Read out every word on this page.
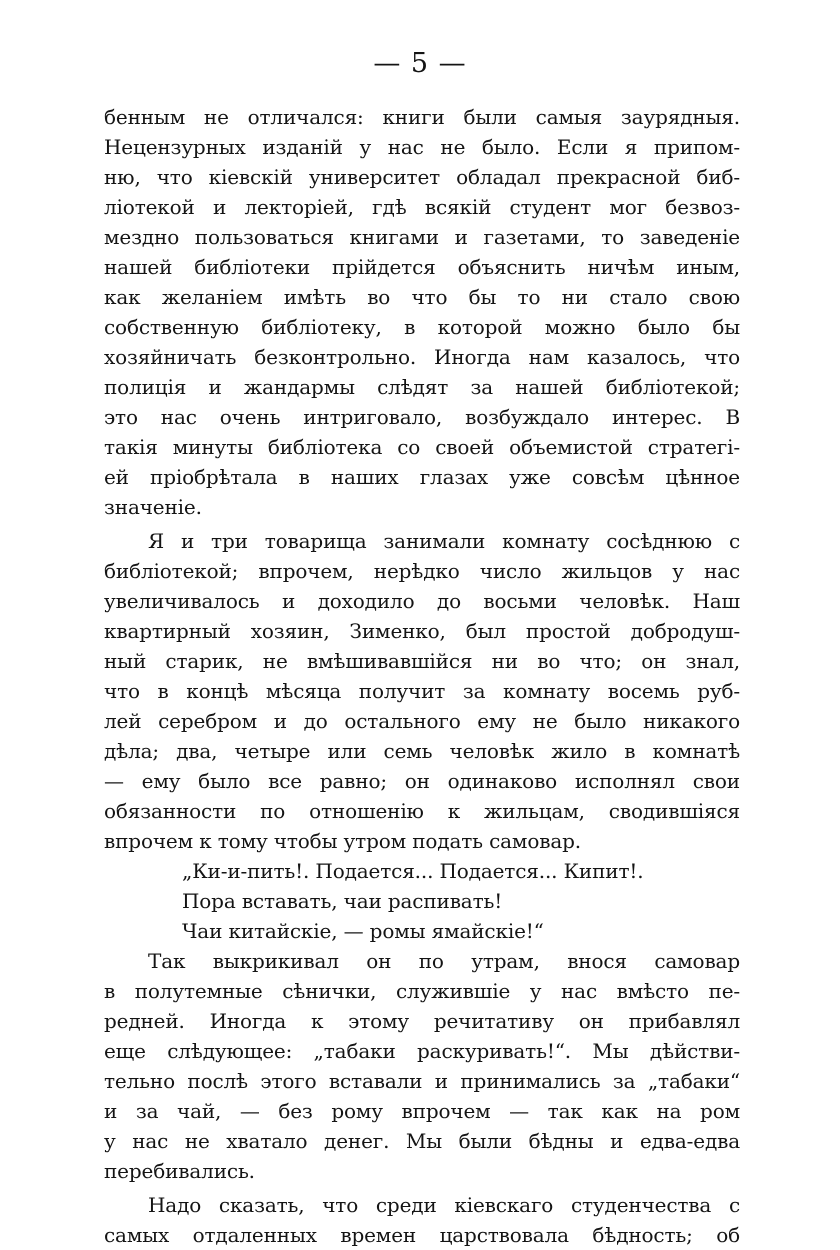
— 5 —
бенным не отличался: книги были самыя заурядныя.
Нецензурных изданій у нас не было. Если я припом-
ню, что кіевскій университет обладал прекрасной биб-
ліотекой и лекторіей, гдѣ всякій студент мог безвоз-
мездно пользоваться книгами и газетами, то заведеніе
нашей библіотеки прійдется объяснить ничѣм иным,
как желаніем имѣть во что бы то ни стало свою
собственную библіотеку, в которой можно было бы
хозяйничать безконтрольно. Иногда нам казалось, что
полиція и жандармы слѣдят за нашей библіотекой;
это нас очень интриговало, возбуждало интерес. В
такія минуты библіотека со своей объемистой стратегі-
ей пріобрѣтала в наших глазах уже совсѣм цѣнное
значеніе.
Я и три товарища занимали комнату сосѣднюю с
библіотекой; впрочем, нерѣдко число жильцов у нас
увеличивалось и доходило до восьми человѣк. Наш
квартирный хозяин, Зименко, был простой добродуш-
ный старик, не вмѣшивавшійся ни во что; он знал,
что в концѣ мѣсяца получит за комнату восемь руб-
лей серебром и до остального ему не было никакого
дѣла; два, четыре или семь человѣк жило в комнатѣ
— ему было все равно; он одинаково исполнял свои
обязанности по отношенію к жильцам, сводившіяся
впрочем к тому чтобы утром подать самовар.
„Ки-и-пить!. Подается... Подается... Кипит!.
Пора вставать, чаи распивать!
Чаи китайскіе, — ромы ямайскіе!“
Так выкрикивал он по утрам, внося самовар
в полутемные сѣнички, служившіе у нас вмѣсто пе-
редней. Иногда к этому речитативу он прибавлял
еще слѣдующее: „табаки раскуривать!“. Мы дѣйстви-
тельно послѣ этого вставали и принимались за „табаки“
и за чай, — без рому впрочем — так как на ром
у нас не хватало денег. Мы были бѣдны и едва-едва
перебивались.
Надо сказать, что среди кіевскаго студенчества с
самых отдаленных времен царствовала бѣдность; об
